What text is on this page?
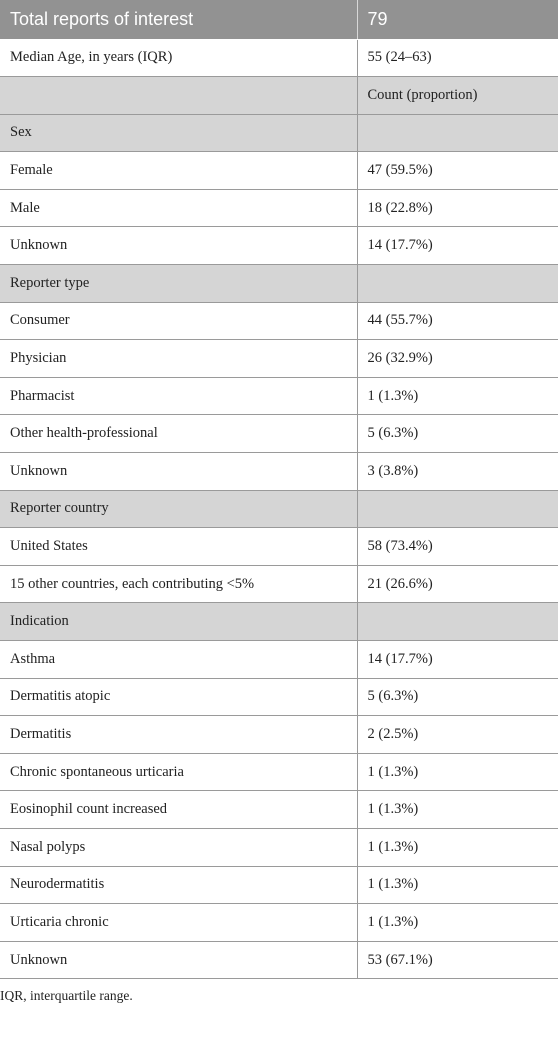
Total reports of interest	79
Median Age, in years (IQR)	55 (24–63)
	Count (proportion)
Sex	
Female	47 (59.5%)
Male	18 (22.8%)
Unknown	14 (17.7%)
Reporter type	
Consumer	44 (55.7%)
Physician	26 (32.9%)
Pharmacist	1 (1.3%)
Other health-professional	5 (6.3%)
Unknown	3 (3.8%)
Reporter country	
United States	58 (73.4%)
15 other countries, each contributing <5%	21 (26.6%)
Indication	
Asthma	14 (17.7%)
Dermatitis atopic	5 (6.3%)
Dermatitis	2 (2.5%)
Chronic spontaneous urticaria	1 (1.3%)
Eosinophil count increased	1 (1.3%)
Nasal polyps	1 (1.3%)
Neurodermatitis	1 (1.3%)
Urticaria chronic	1 (1.3%)
Unknown	53 (67.1%)
IQR, interquartile range.
